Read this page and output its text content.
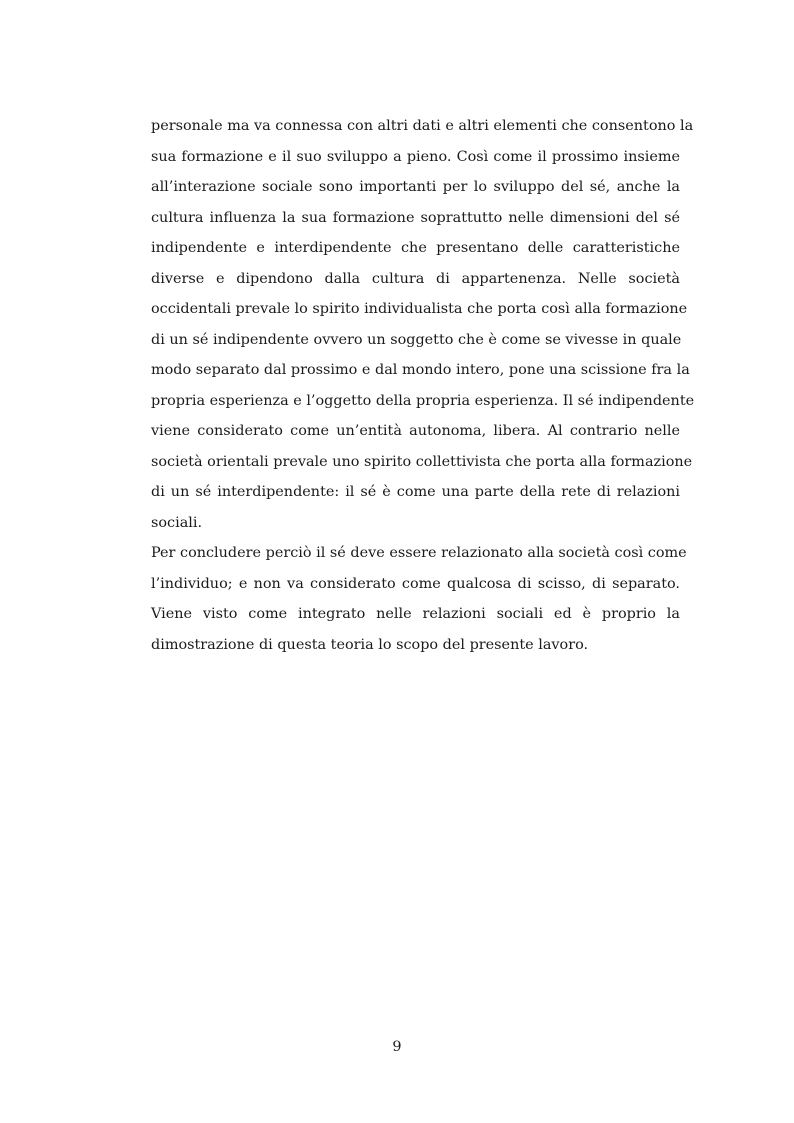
personale ma va connessa con altri dati e altri elementi che consentono la
sua formazione e il suo sviluppo a pieno. Così come il prossimo insieme
all’interazione sociale sono importanti per lo sviluppo del sé, anche la
cultura influenza la sua formazione soprattutto nelle dimensioni del sé
indipendente e interdipendente che presentano delle caratteristiche
diverse e dipendono dalla cultura di appartenenza. Nelle società
occidentali prevale lo spirito individualista che porta così alla formazione
di un sé indipendente ovvero un soggetto che è come se vivesse in quale
modo separato dal prossimo e dal mondo intero, pone una scissione fra la
propria esperienza e l’oggetto della propria esperienza. Il sé indipendente
viene considerato come un’entità autonoma, libera. Al contrario nelle
società orientali prevale uno spirito collettivista che porta alla formazione
di un sé interdipendente: il sé è come una parte della rete di relazioni
sociali.
Per concludere perciò il sé deve essere relazionato alla società così come
l’individuo; e non va considerato come qualcosa di scisso, di separato.
Viene visto come integrato nelle relazioni sociali ed è proprio la
dimostrazione di questa teoria lo scopo del presente lavoro.
9
